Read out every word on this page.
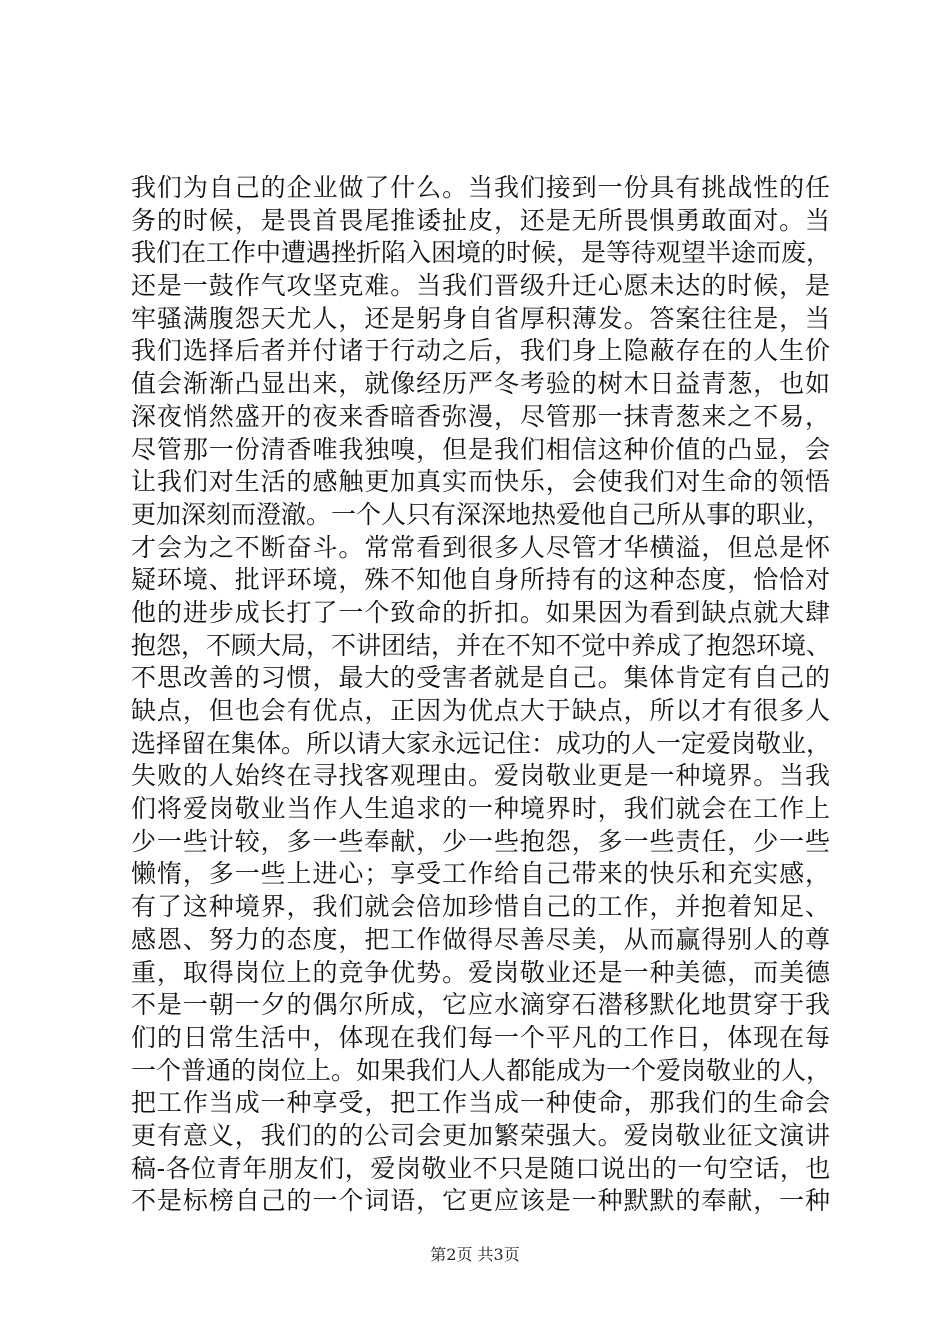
我们为自己的企业做了什么。当我们接到一份具有挑战性的任
务的时候，是畏首畏尾推诿扯皮，还是无所畏惧勇敢面对。当
我们在工作中遭遇挫折陷入困境的时候，是等待观望半途而废，
还是一鼓作气攻坚克难。当我们晋级升迁心愿未达的时候，是
牢骚满腹怨天尤人，还是躬身自省厚积薄发。答案往往是，当
我们选择后者并付诸于行动之后，我们身上隐蔽存在的人生价
值会渐渐凸显出来，就像经历严冬考验的树木日益青葱，也如
深夜悄然盛开的夜来香暗香弥漫，尽管那一抹青葱来之不易，
尽管那一份清香唯我独嗅，但是我们相信这种价值的凸显，会
让我们对生活的感触更加真实而快乐，会使我们对生命的领悟
更加深刻而澄澈。一个人只有深深地热爱他自己所从事的职业，
才会为之不断奋斗。常常看到很多人尽管才华横溢，但总是怀
疑环境、批评环境，殊不知他自身所持有的这种态度，恰恰对
他的进步成长打了一个致命的折扣。如果因为看到缺点就大肆
抱怨，不顾大局，不讲团结，并在不知不觉中养成了抱怨环境、
不思改善的习惯，最大的受害者就是自己。集体肯定有自己的
缺点，但也会有优点，正因为优点大于缺点，所以才有很多人
选择留在集体。所以请大家永远记住：成功的人一定爱岗敬业，
失败的人始终在寻找客观理由。爱岗敬业更是一种境界。当我
们将爱岗敬业当作人生追求的一种境界时，我们就会在工作上
少一些计较，多一些奉献，少一些抱怨，多一些责任，少一些
懒惰，多一些上进心；享受工作给自己带来的快乐和充实感，
有了这种境界，我们就会倍加珍惜自己的工作，并抱着知足、
感恩、努力的态度，把工作做得尽善尽美，从而赢得别人的尊
重，取得岗位上的竞争优势。爱岗敬业还是一种美德，而美德
不是一朝一夕的偶尔所成，它应水滴穿石潜移默化地贯穿于我
们的日常生活中，体现在我们每一个平凡的工作日，体现在每
一个普通的岗位上。如果我们人人都能成为一个爱岗敬业的人，
把工作当成一种享受，把工作当成一种使命，那我们的生命会
更有意义，我们的的公司会更加繁荣强大。爱岗敬业征文演讲
稿-各位青年朋友们，爱岗敬业不只是随口说出的一句空话，也
不是标榜自己的一个词语，它更应该是一种默默的奉献，一种
第2页 共3页
